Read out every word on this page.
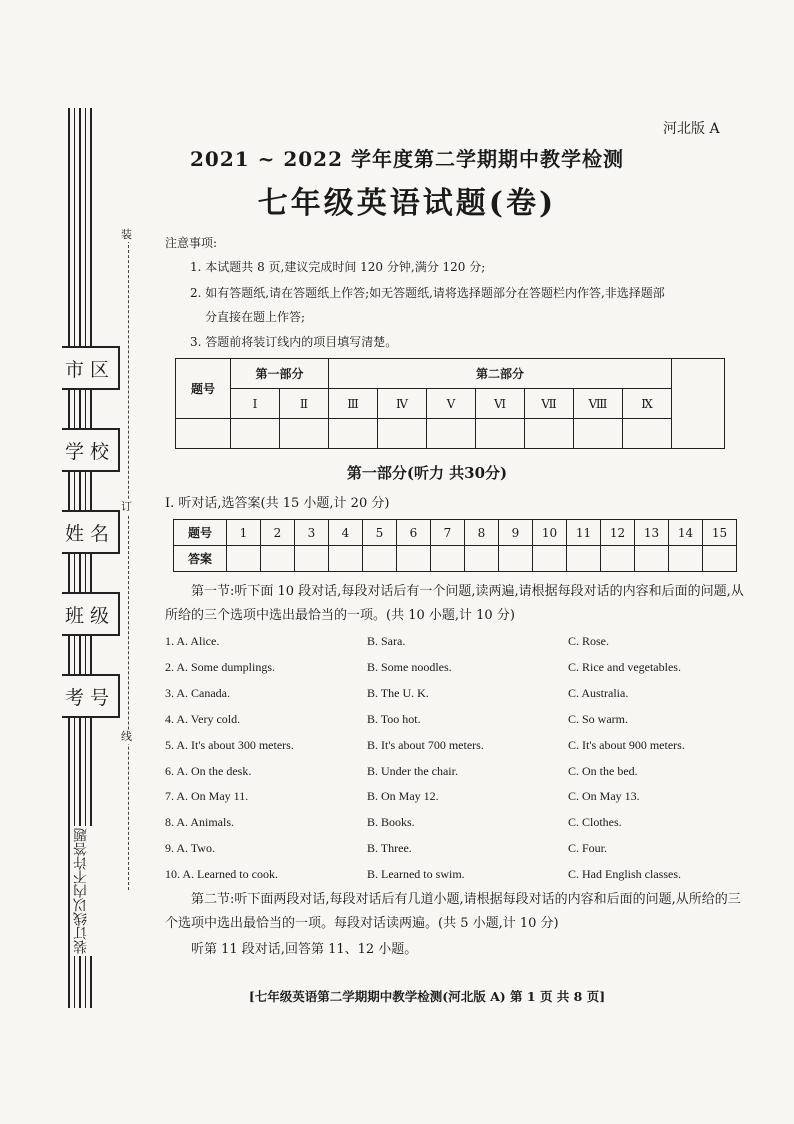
装
订
线
市区
学校
姓名
班级
考号
装订线以内不许答题
河北版 A
2021 ~ 2022 学年度第二学期期中教学检测
七年级英语试题(卷)
注意事项:
1. 本试题共 8 页,建议完成时间 120 分钟,满分 120 分;
2. 如有答题纸,请在答题纸上作答;如无答题纸,请将选择题部分在答题栏内作答,非选择题部
分直接在题上作答;
3. 答题前将装订线内的项目填写清楚。
题号	第一部分		第二部分							
	Ⅰ	Ⅱ	Ⅲ	Ⅳ	Ⅴ	Ⅵ	Ⅶ	Ⅷ	Ⅸ	

第一部分(听力 共30分)
Ⅰ. 听对话,选答案(共 15 小题,计 20 分)
题号	1	2	3	4	5	6	7	8	9	10	11	12	13	14	15
答案															
第一节:听下面 10 段对话,每段对话后有一个问题,读两遍,请根据每段对话的内容和后面的问题,从所给的三个选项中选出最恰当的一项。(共 10 小题,计 10 分)
1. A. Alice.	B. Sara.	C. Rose.
2. A. Some dumplings.	B. Some noodles.	C. Rice and vegetables.
3. A. Canada.	B. The U. K.	C. Australia.
4. A. Very cold.	B. Too hot.	C. So warm.
5. A. It's about 300 meters.	B. It's about 700 meters.	C. It's about 900 meters.
6. A. On the desk.	B. Under the chair.	C. On the bed.
7. A. On May 11.	B. On May 12.	C. On May 13.
8. A. Animals.	B. Books.	C. Clothes.
9. A. Two.	B. Three.	C. Four.
10. A. Learned to cook.	B. Learned to swim.	C. Had English classes.
第二节:听下面两段对话,每段对话后有几道小题,请根据每段对话的内容和后面的问题,从所给的三个选项中选出最恰当的一项。每段对话读两遍。(共 5 小题,计 10 分)
听第 11 段对话,回答第 11、12 小题。
[七年级英语第二学期期中教学检测(河北版 A) 第 1 页 共 8 页]
